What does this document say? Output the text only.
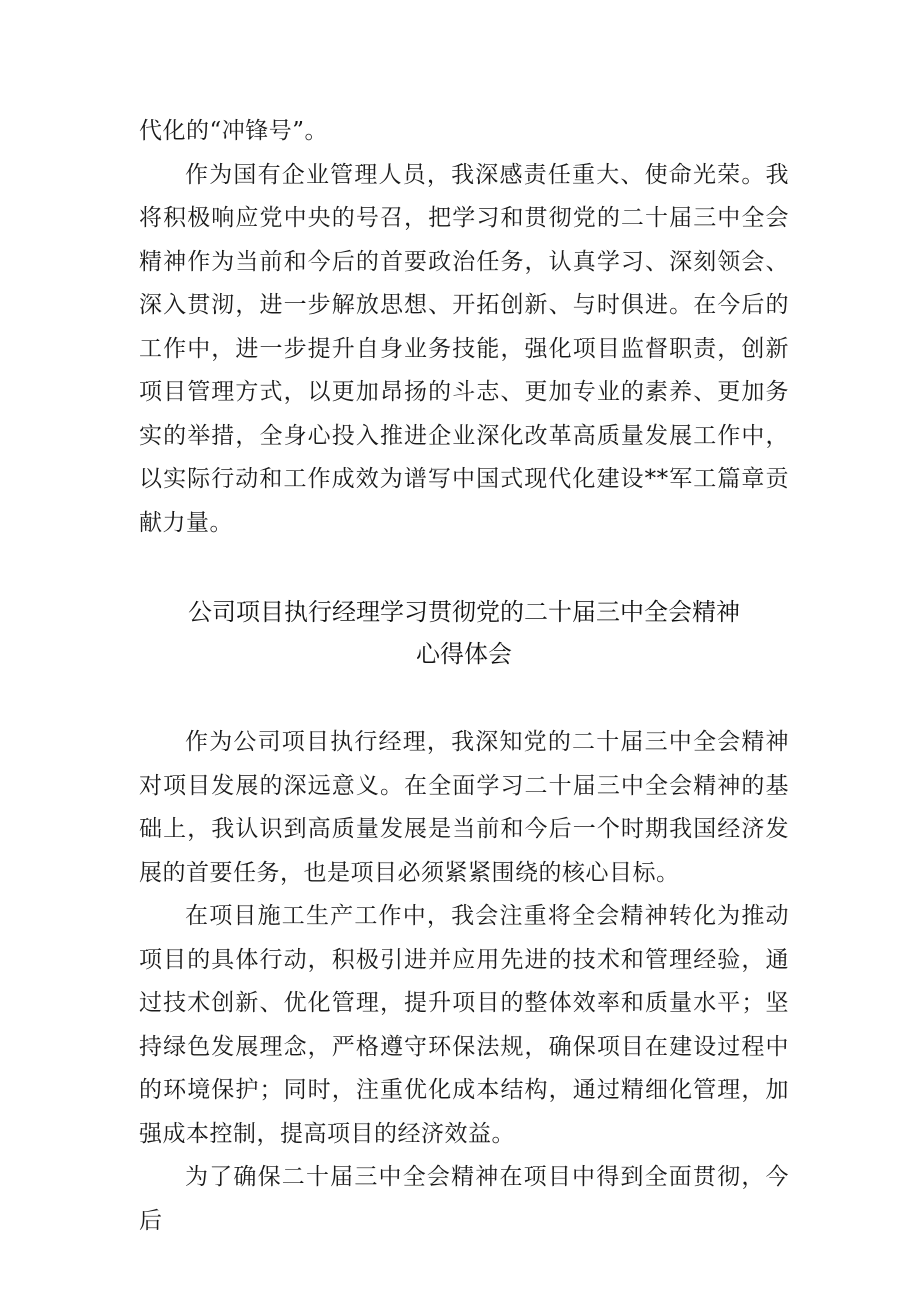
代化的“冲锋号”。

作为国有企业管理人员，我深感责任重大、使命光荣。我将积极响应党中央的号召，把学习和贯彻党的二十届三中全会精神作为当前和今后的首要政治任务，认真学习、深刻领会、深入贯沏，进一步解放思想、开拓创新、与时俱进。在今后的工作中，进一步提升自身业务技能，强化项目监督职责，创新项目管理方式，以更加昂扬的斗志、更加专业的素养、更加务实的举措，全身心投入推进企业深化改革高质量发展工作中，以实际行动和工作成效为谱写中国式现代化建设**军工篇章贡献力量。

公司项目执行经理学习贯彻党的二十届三中全会精神
心得体会

作为公司项目执行经理，我深知党的二十届三中全会精神对项目发展的深远意义。在全面学习二十届三中全会精神的基础上，我认识到高质量发展是当前和今后一个时期我国经济发展的首要任务，也是项目必须紧紧围绕的核心目标。

在项目施工生产工作中，我会注重将全会精神转化为推动项目的具体行动，积极引进并应用先进的技术和管理经验，通过技术创新、优化管理，提升项目的整体效率和质量水平；坚持绿色发展理念，严格遵守环保法规，确保项目在建设过程中的环境保护；同时，注重优化成本结构，通过精细化管理，加强成本控制，提高项目的经济效益。

为了确保二十届三中全会精神在项目中得到全面贯彻，今后
